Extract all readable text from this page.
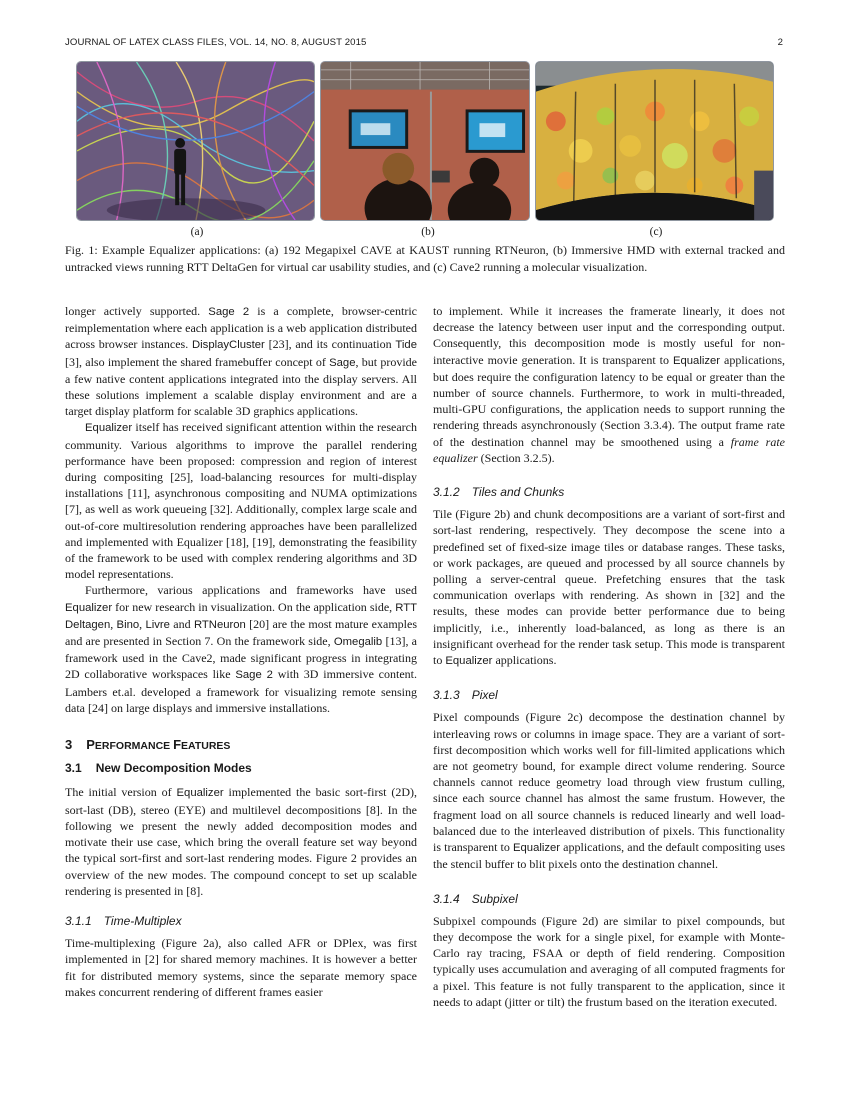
JOURNAL OF LATEX CLASS FILES, VOL. 14, NO. 8, AUGUST 2015	2
(a)	(b)	(c)
Fig. 1: Example Equalizer applications: (a) 192 Megapixel CAVE at KAUST running RTNeuron, (b) Immersive HMD with external tracked and untracked views running RTT DeltaGen for virtual car usability studies, and (c) Cave2 running a molecular visualization.

longer actively supported. Sage 2 is a complete, browser-centric reimplementation where each application is a web application distributed across browser instances. DisplayCluster [23], and its continuation Tide [3], also implement the shared framebuffer concept of Sage, but provide a few native content applications integrated into the display servers. All these solutions implement a scalable display environment and are a target display platform for scalable 3D graphics applications.

Equalizer itself has received significant attention within the research community. Various algorithms to improve the parallel rendering performance have been proposed: compression and region of interest during compositing [25], load-balancing resources for multi-display installations [11], asynchronous compositing and NUMA optimizations [7], as well as work queueing [32]. Additionally, complex large scale and out-of-core multiresolution rendering approaches have been parallelized and implemented with Equalizer [18], [19], demonstrating the feasibility of the framework to be used with complex rendering algorithms and 3D model representations.

Furthermore, various applications and frameworks have used Equalizer for new research in visualization. On the application side, RTT Deltagen, Bino, Livre and RTNeuron [20] are the most mature examples and are presented in Section 7. On the framework side, Omegalib [13], a framework used in the Cave2, made significant progress in integrating 2D collaborative workspaces like Sage 2 with 3D immersive content. Lambers et.al. developed a framework for visualizing remote sensing data [24] on large displays and immersive installations.

3 PERFORMANCE FEATURES
3.1 New Decomposition Modes

The initial version of Equalizer implemented the basic sort-first (2D), sort-last (DB), stereo (EYE) and multilevel decompositions [8]. In the following we present the newly added decomposition modes and motivate their use case, which bring the overall feature set way beyond the typical sort-first and sort-last rendering modes. Figure 2 provides an overview of the new modes. The compound concept to set up scalable rendering is presented in [8].

3.1.1 Time-Multiplex

Time-multiplexing (Figure 2a), also called AFR or DPlex, was first implemented in [2] for shared memory machines. It is however a better fit for distributed memory systems, since the separate memory space makes concurrent rendering of different frames easier

to implement. While it increases the framerate linearly, it does not decrease the latency between user input and the corresponding output. Consequently, this decomposition mode is mostly useful for non-interactive movie generation. It is transparent to Equalizer applications, but does require the configuration latency to be equal or greater than the number of source channels. Furthermore, to work in multi-threaded, multi-GPU configurations, the application needs to support running the rendering threads asynchronously (Section 3.3.4). The output frame rate of the destination channel may be smoothened using a frame rate equalizer (Section 3.2.5).

3.1.2 Tiles and Chunks

Tile (Figure 2b) and chunk decompositions are a variant of sort-first and sort-last rendering, respectively. They decompose the scene into a predefined set of fixed-size image tiles or database ranges. These tasks, or work packages, are queued and processed by all source channels by polling a server-central queue. Prefetching ensures that the task communication overlaps with rendering. As shown in [32] and the results, these modes can provide better performance due to being implicitly, i.e., inherently load-balanced, as long as there is an insignificant overhead for the render task setup. This mode is transparent to Equalizer applications.

3.1.3 Pixel

Pixel compounds (Figure 2c) decompose the destination channel by interleaving rows or columns in image space. They are a variant of sort-first decomposition which works well for fill-limited applications which are not geometry bound, for example direct volume rendering. Source channels cannot reduce geometry load through view frustum culling, since each source channel has almost the same frustum. However, the fragment load on all source channels is reduced linearly and well load-balanced due to the interleaved distribution of pixels. This functionality is transparent to Equalizer applications, and the default compositing uses the stencil buffer to blit pixels onto the destination channel.

3.1.4 Subpixel

Subpixel compounds (Figure 2d) are similar to pixel compounds, but they decompose the work for a single pixel, for example with Monte-Carlo ray tracing, FSAA or depth of field rendering. Composition typically uses accumulation and averaging of all computed fragments for a pixel. This feature is not fully transparent to the application, since it needs to adapt (jitter or tilt) the frustum based on the iteration executed.
